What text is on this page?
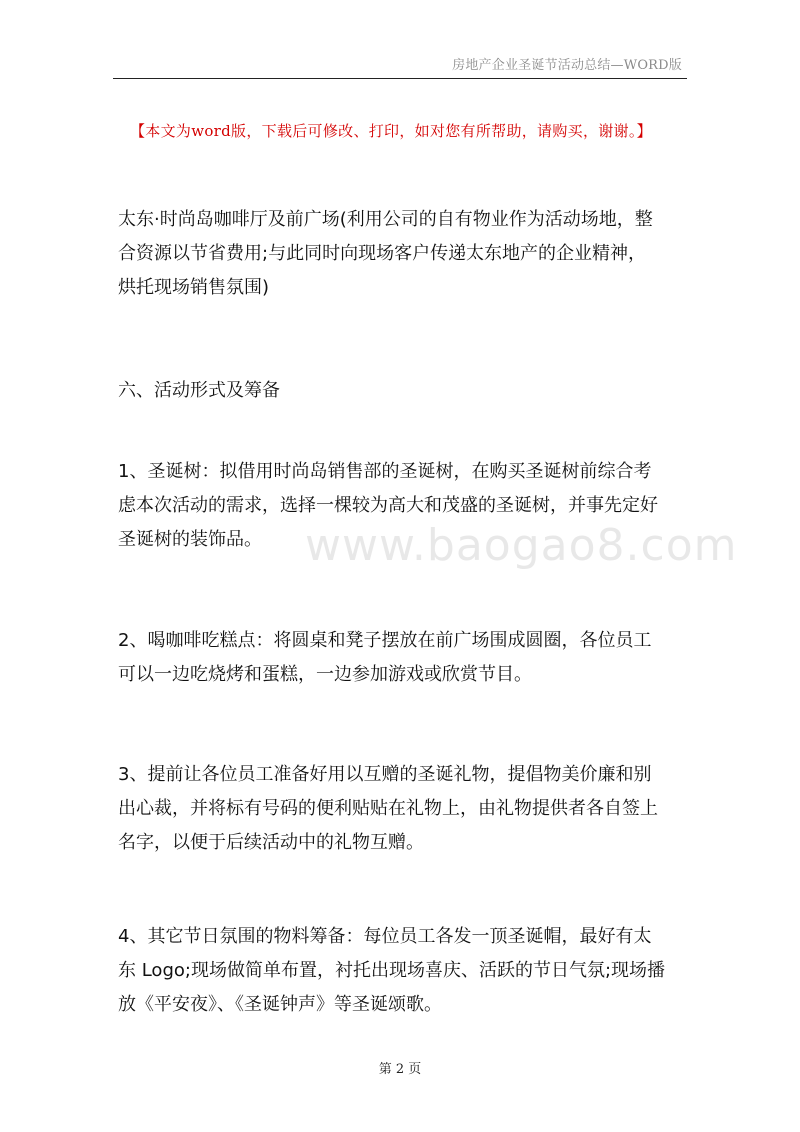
房地产企业圣诞节活动总结—WORD版
【本文为word版，下载后可修改、打印，如对您有所帮助，请购买，谢谢。】
太东·时尚岛咖啡厅及前广场(利用公司的自有物业作为活动场地，整
合资源以节省费用;与此同时向现场客户传递太东地产的企业精神，
烘托现场销售氛围)
六、活动形式及筹备
1、圣诞树：拟借用时尚岛销售部的圣诞树，在购买圣诞树前综合考
虑本次活动的需求，选择一棵较为高大和茂盛的圣诞树，并事先定好
圣诞树的装饰品。
2、喝咖啡吃糕点：将圆桌和凳子摆放在前广场围成圆圈，各位员工
可以一边吃烧烤和蛋糕，一边参加游戏或欣赏节目。
3、提前让各位员工准备好用以互赠的圣诞礼物，提倡物美价廉和别
出心裁，并将标有号码的便利贴贴在礼物上，由礼物提供者各自签上
名字，以便于后续活动中的礼物互赠。
4、其它节日氛围的物料筹备：每位员工各发一顶圣诞帽，最好有太
东 Logo;现场做简单布置，衬托出现场喜庆、活跃的节日气氛;现场播
放《平安夜》、《圣诞钟声》等圣诞颂歌。
www.baogao8.com
第 2 页
